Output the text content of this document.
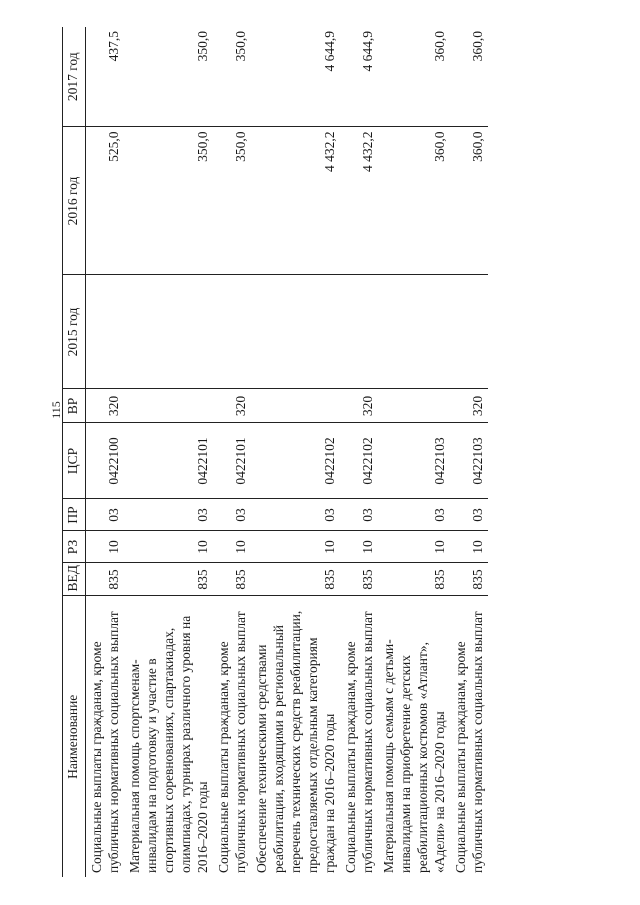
115
Наименование	ВЕД	РЗ	ПР	ЦСР	ВР	2015 год	2016 год	2017 год
Социальные выплаты гражданам, кроме публичных нормативных социальных выплат	835	10	03	0422100	320		525,0	437,5
Материальная помощь спортсменам-инвалидам на подготовку и участие в спортивных соревнованиях, спартакиадах, олимпиадах, турнирах различного уровня на 2016–2020 годы	835	10	03	0422101			350,0	350,0
Социальные выплаты гражданам, кроме публичных нормативных социальных выплат	835	10	03	0422101	320		350,0	350,0
Обеспечение техническими средствами реабилитации, входящими в региональный перечень технических средств реабилитации, предоставляемых отдельным категориям граждан на 2016–2020 годы	835	10	03	0422102			4 432,2	4 644,9
Социальные выплаты гражданам, кроме публичных нормативных социальных выплат	835	10	03	0422102	320		4 432,2	4 644,9
Материальная помощь семьям с детьми-инвалидами на приобретение детских реабилитационных костюмов «Атлант», «Адели» на 2016–2020 годы	835	10	03	0422103			360,0	360,0
Социальные выплаты гражданам, кроме публичных нормативных социальных выплат	835	10	03	0422103	320		360,0	360,0
